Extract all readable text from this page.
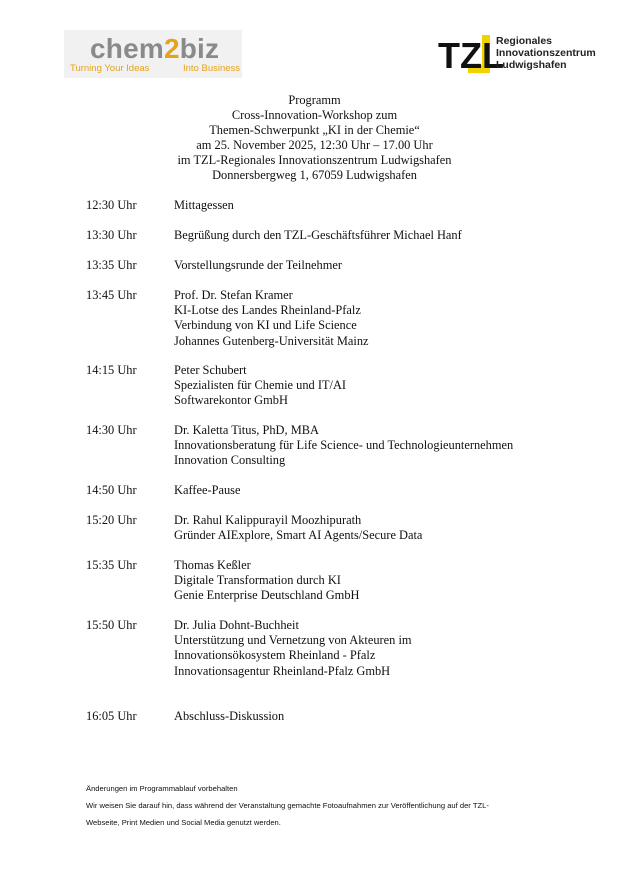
chem2biz
Turning Your Ideas	Into Business	TZL
Regionales
Innovationszentrum
Ludwigshafen
Programm
Cross-Innovation-Workshop zum
Themen-Schwerpunkt „KI in der Chemie“
am 25. November 2025, 12:30 Uhr – 17.00 Uhr
im TZL-Regionales Innovationszentrum Ludwigshafen
Donnersbergweg 1, 67059 Ludwigshafen
12:30 Uhr	Mittagessen
13:30 Uhr	Begrüßung durch den TZL-Geschäftsführer Michael Hanf
13:35 Uhr	Vorstellungsrunde der Teilnehmer
13:45 Uhr	Prof. Dr. Stefan Kramer
KI-Lotse des Landes Rheinland-Pfalz
Verbindung von KI und Life Science
Johannes Gutenberg-Universität Mainz
14:15 Uhr	Peter Schubert
Spezialisten für Chemie und IT/AI
Softwarekontor GmbH
14:30 Uhr	Dr. Kaletta Titus, PhD, MBA
Innovationsberatung für Life Science- und Technologieunternehmen
Innovation Consulting
14:50 Uhr	Kaffee-Pause
15:20 Uhr	Dr. Rahul Kalippurayil Moozhipurath
Gründer AIExplore, Smart AI Agents/Secure Data
15:35 Uhr	Thomas Keßler
Digitale Transformation durch KI
Genie Enterprise Deutschland GmbH
15:50 Uhr	Dr. Julia Dohnt-Buchheit
Unterstützung und Vernetzung von Akteuren im
Innovationsökosystem Rheinland - Pfalz
Innovationsagentur Rheinland-Pfalz GmbH
16:05 Uhr	Abschluss-Diskussion
Änderungen im Programmablauf vorbehalten
Wir weisen Sie darauf hin, dass während der Veranstaltung gemachte Fotoaufnahmen zur Veröffentlichung auf der TZL-
Webseite, Print Medien und Social Media genutzt werden.
